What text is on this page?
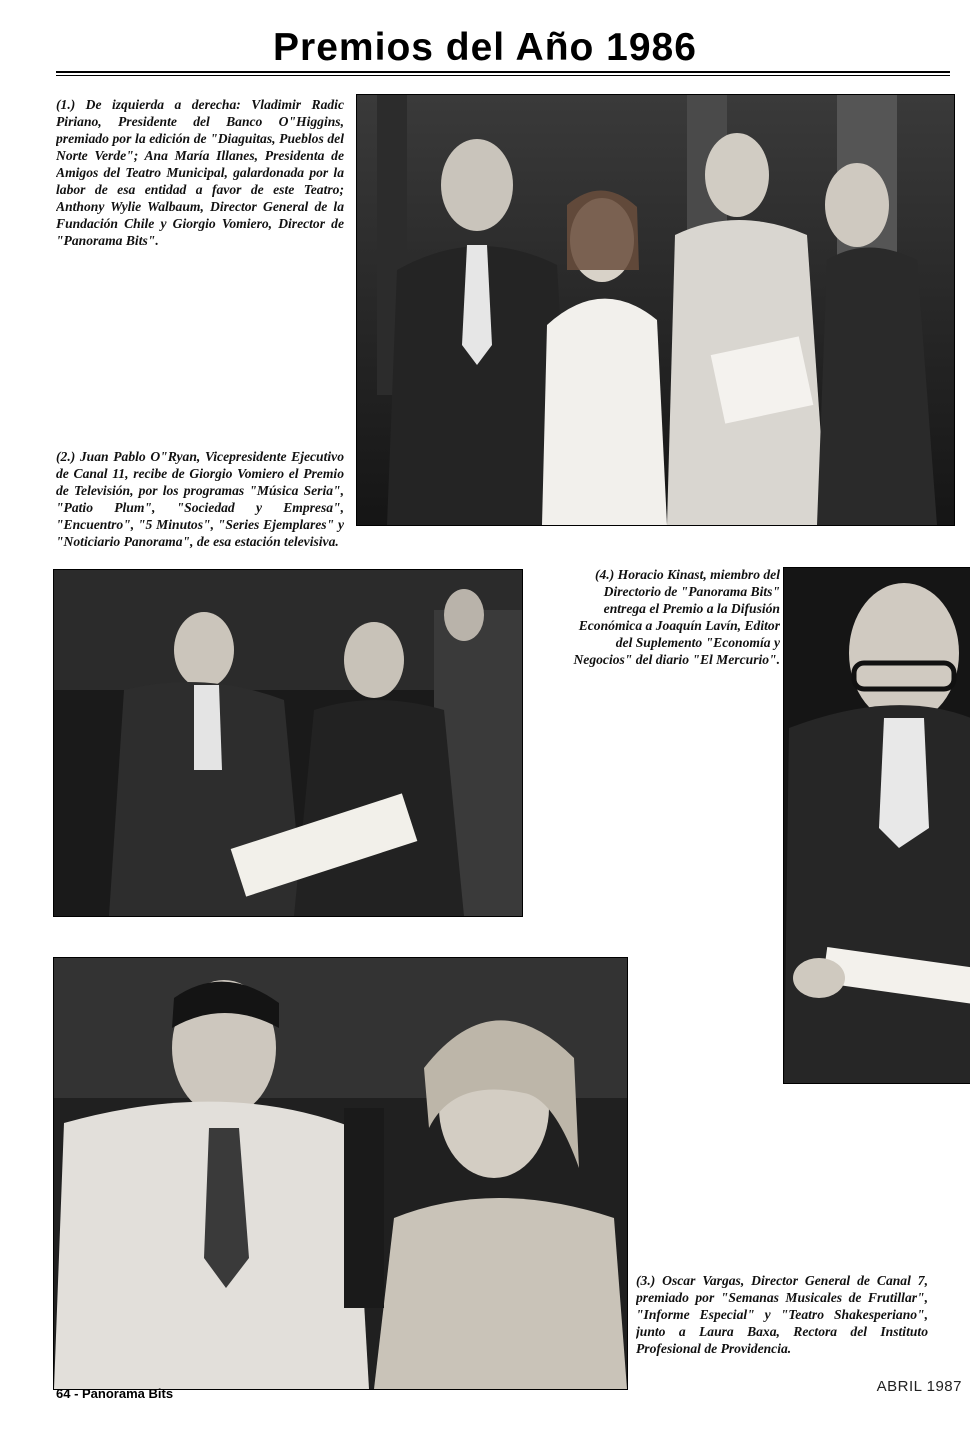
Premios del Año 1986

(1.) De izquierda a derecha: Vladimir Radic Piriano, Presidente del Banco O"Higgins, premiado por la edición de "Diaguitas, Pueblos del Norte Verde"; Ana María Illanes, Presidenta de Amigos del Teatro Municipal, galardonada por la labor de esa entidad a favor de este Teatro; Anthony Wylie Walbaum, Director General de la Fundación Chile y Giorgio Vomiero, Director de "Panorama Bits".

(2.) Juan Pablo O"Ryan, Vicepresidente Ejecutivo de Canal 11, recibe de Giorgio Vomiero el Premio de Televisión, por los programas "Música Seria", "Patio Plum", "Sociedad y Empresa", "Encuentro", "5 Minutos", "Series Ejemplares" y "Noticiario Panorama", de esa estación televisiva.

(4.) Horacio Kinast, miembro del Directorio de "Panorama Bits" entrega el Premio a la Difusión Económica a Joaquín Lavín, Editor del Suplemento "Economía y Negocios" del diario "El Mercurio".

(3.) Oscar Vargas, Director General de Canal 7, premiado por "Semanas Musicales de Frutillar", "Informe Especial" y "Teatro Shakesperiano", junto a Laura Baxa, Rectora del Instituto Profesional de Providencia.

64 - Panorama Bits	ABRIL 1987
